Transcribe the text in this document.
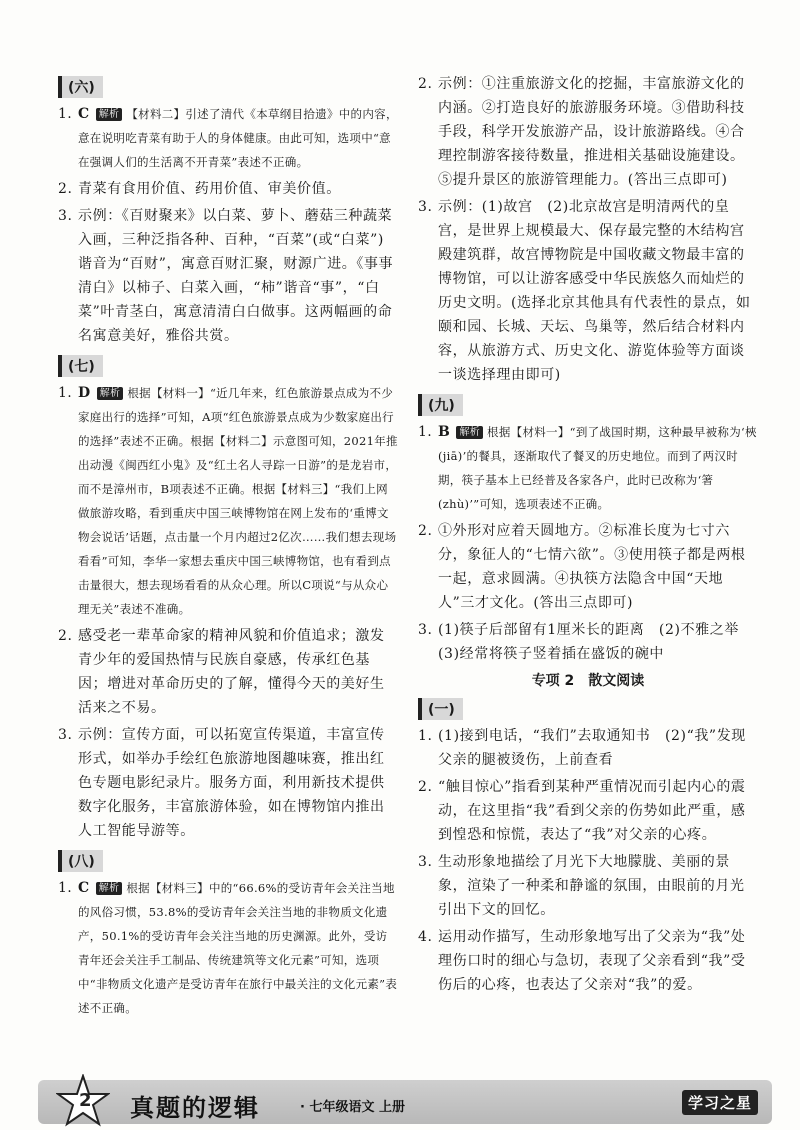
(六)
1. C 解析 【材料二】引述了清代《本草纲目拾遗》中的内容，意在说明吃青菜有助于人的身体健康。由此可知，选项中“意在强调人们的生活离不开青菜”表述不正确。
2. 青菜有食用价值、药用价值、审美价值。
3. 示例：《百财聚来》以白菜、萝卜、蘑菇三种蔬菜入画，三种泛指各种、百种，“百菜”(或“白菜”)谐音为“百财”，寓意百财汇聚，财源广进。《事事清白》以柿子、白菜入画，“柿”谐音“事”，“白菜”叶青茎白，寓意清清白白做事。这两幅画的命名寓意美好，雅俗共赏。
(七)
1. D 解析 根据【材料一】“近几年来，红色旅游景点成为不少家庭出行的选择”可知，A项“红色旅游景点成为少数家庭出行的选择”表述不正确。根据【材料二】示意图可知，2021年推出动漫《闽西红小鬼》及“红土名人寻踪一日游”的是龙岩市，而不是漳州市，B项表述不正确。根据【材料三】“我们上网做旅游攻略，看到重庆中国三峡博物馆在网上发布的‘重博文物会说话’话题，点击量一个月内超过2亿次……我们想去现场看看”可知，李华一家想去重庆中国三峡博物馆，也有看到点击量很大，想去现场看看的从众心理。所以C项说“与从众心理无关”表述不准确。
2. 感受老一辈革命家的精神风貌和价值追求；激发青少年的爱国热情与民族自豪感，传承红色基因；增进对革命历史的了解，懂得今天的美好生活来之不易。
3. 示例：宣传方面，可以拓宽宣传渠道，丰富宣传形式，如举办手绘红色旅游地图趣味赛，推出红色专题电影纪录片。服务方面，利用新技术提供数字化服务，丰富旅游体验，如在博物馆内推出人工智能导游等。
(八)
1. C 解析 根据【材料三】中的“66.6%的受访青年会关注当地的风俗习惯，53.8%的受访青年会关注当地的非物质文化遗产，50.1%的受访青年会关注当地的历史渊源。此外，受访青年还会关注手工制品、传统建筑等文化元素”可知，选项中“非物质文化遗产是受访青年在旅行中最关注的文化元素”表述不正确。
2. 示例：①注重旅游文化的挖掘，丰富旅游文化的内涵。②打造良好的旅游服务环境。③借助科技手段，科学开发旅游产品，设计旅游路线。④合理控制游客接待数量，推进相关基础设施建设。⑤提升景区的旅游管理能力。(答出三点即可)
3. 示例：(1)故宫　(2)北京故宫是明清两代的皇宫，是世界上规模最大、保存最完整的木结构宫殿建筑群，故宫博物院是中国收藏文物最丰富的博物馆，可以让游客感受中华民族悠久而灿烂的历史文明。(选择北京其他具有代表性的景点，如颐和园、长城、天坛、鸟巢等，然后结合材料内容，从旅游方式、历史文化、游览体验等方面谈一谈选择理由即可)
(九)
1. B 解析 根据【材料一】“到了战国时期，这种最早被称为‘梜(jiā)’的餐具，逐渐取代了餐叉的历史地位。而到了两汉时期，筷子基本上已经普及各家各户，此时已改称为‘箸(zhù)’”可知，选项表述不正确。
2. ①外形对应着天圆地方。②标准长度为七寸六分，象征人的“七情六欲”。③使用筷子都是两根一起，意求圆满。④执筷方法隐含中国“天地人”三才文化。(答出三点即可)
3. (1)筷子后部留有1厘米长的距离　(2)不雅之举　(3)经常将筷子竖着插在盛饭的碗中
专项 2　散文阅读
(一)
1. (1)接到电话，“我们”去取通知书　(2)“我”发现父亲的腿被烫伤，上前查看
2. “触目惊心”指看到某种严重情况而引起内心的震动，在这里指“我”看到父亲的伤势如此严重，感到惶恐和惊慌，表达了“我”对父亲的心疼。
3. 生动形象地描绘了月光下大地朦胧、美丽的景象，渲染了一种柔和静谧的氛围，由眼前的月光引出下文的回忆。
4. 运用动作描写，生动形象地写出了父亲为“我”处理伤口时的细心与急切，表现了父亲看到“我”受伤后的心疼，也表达了父亲对“我”的爱。
2 真题的逻辑	· 七年级语文 上册	学习之星
